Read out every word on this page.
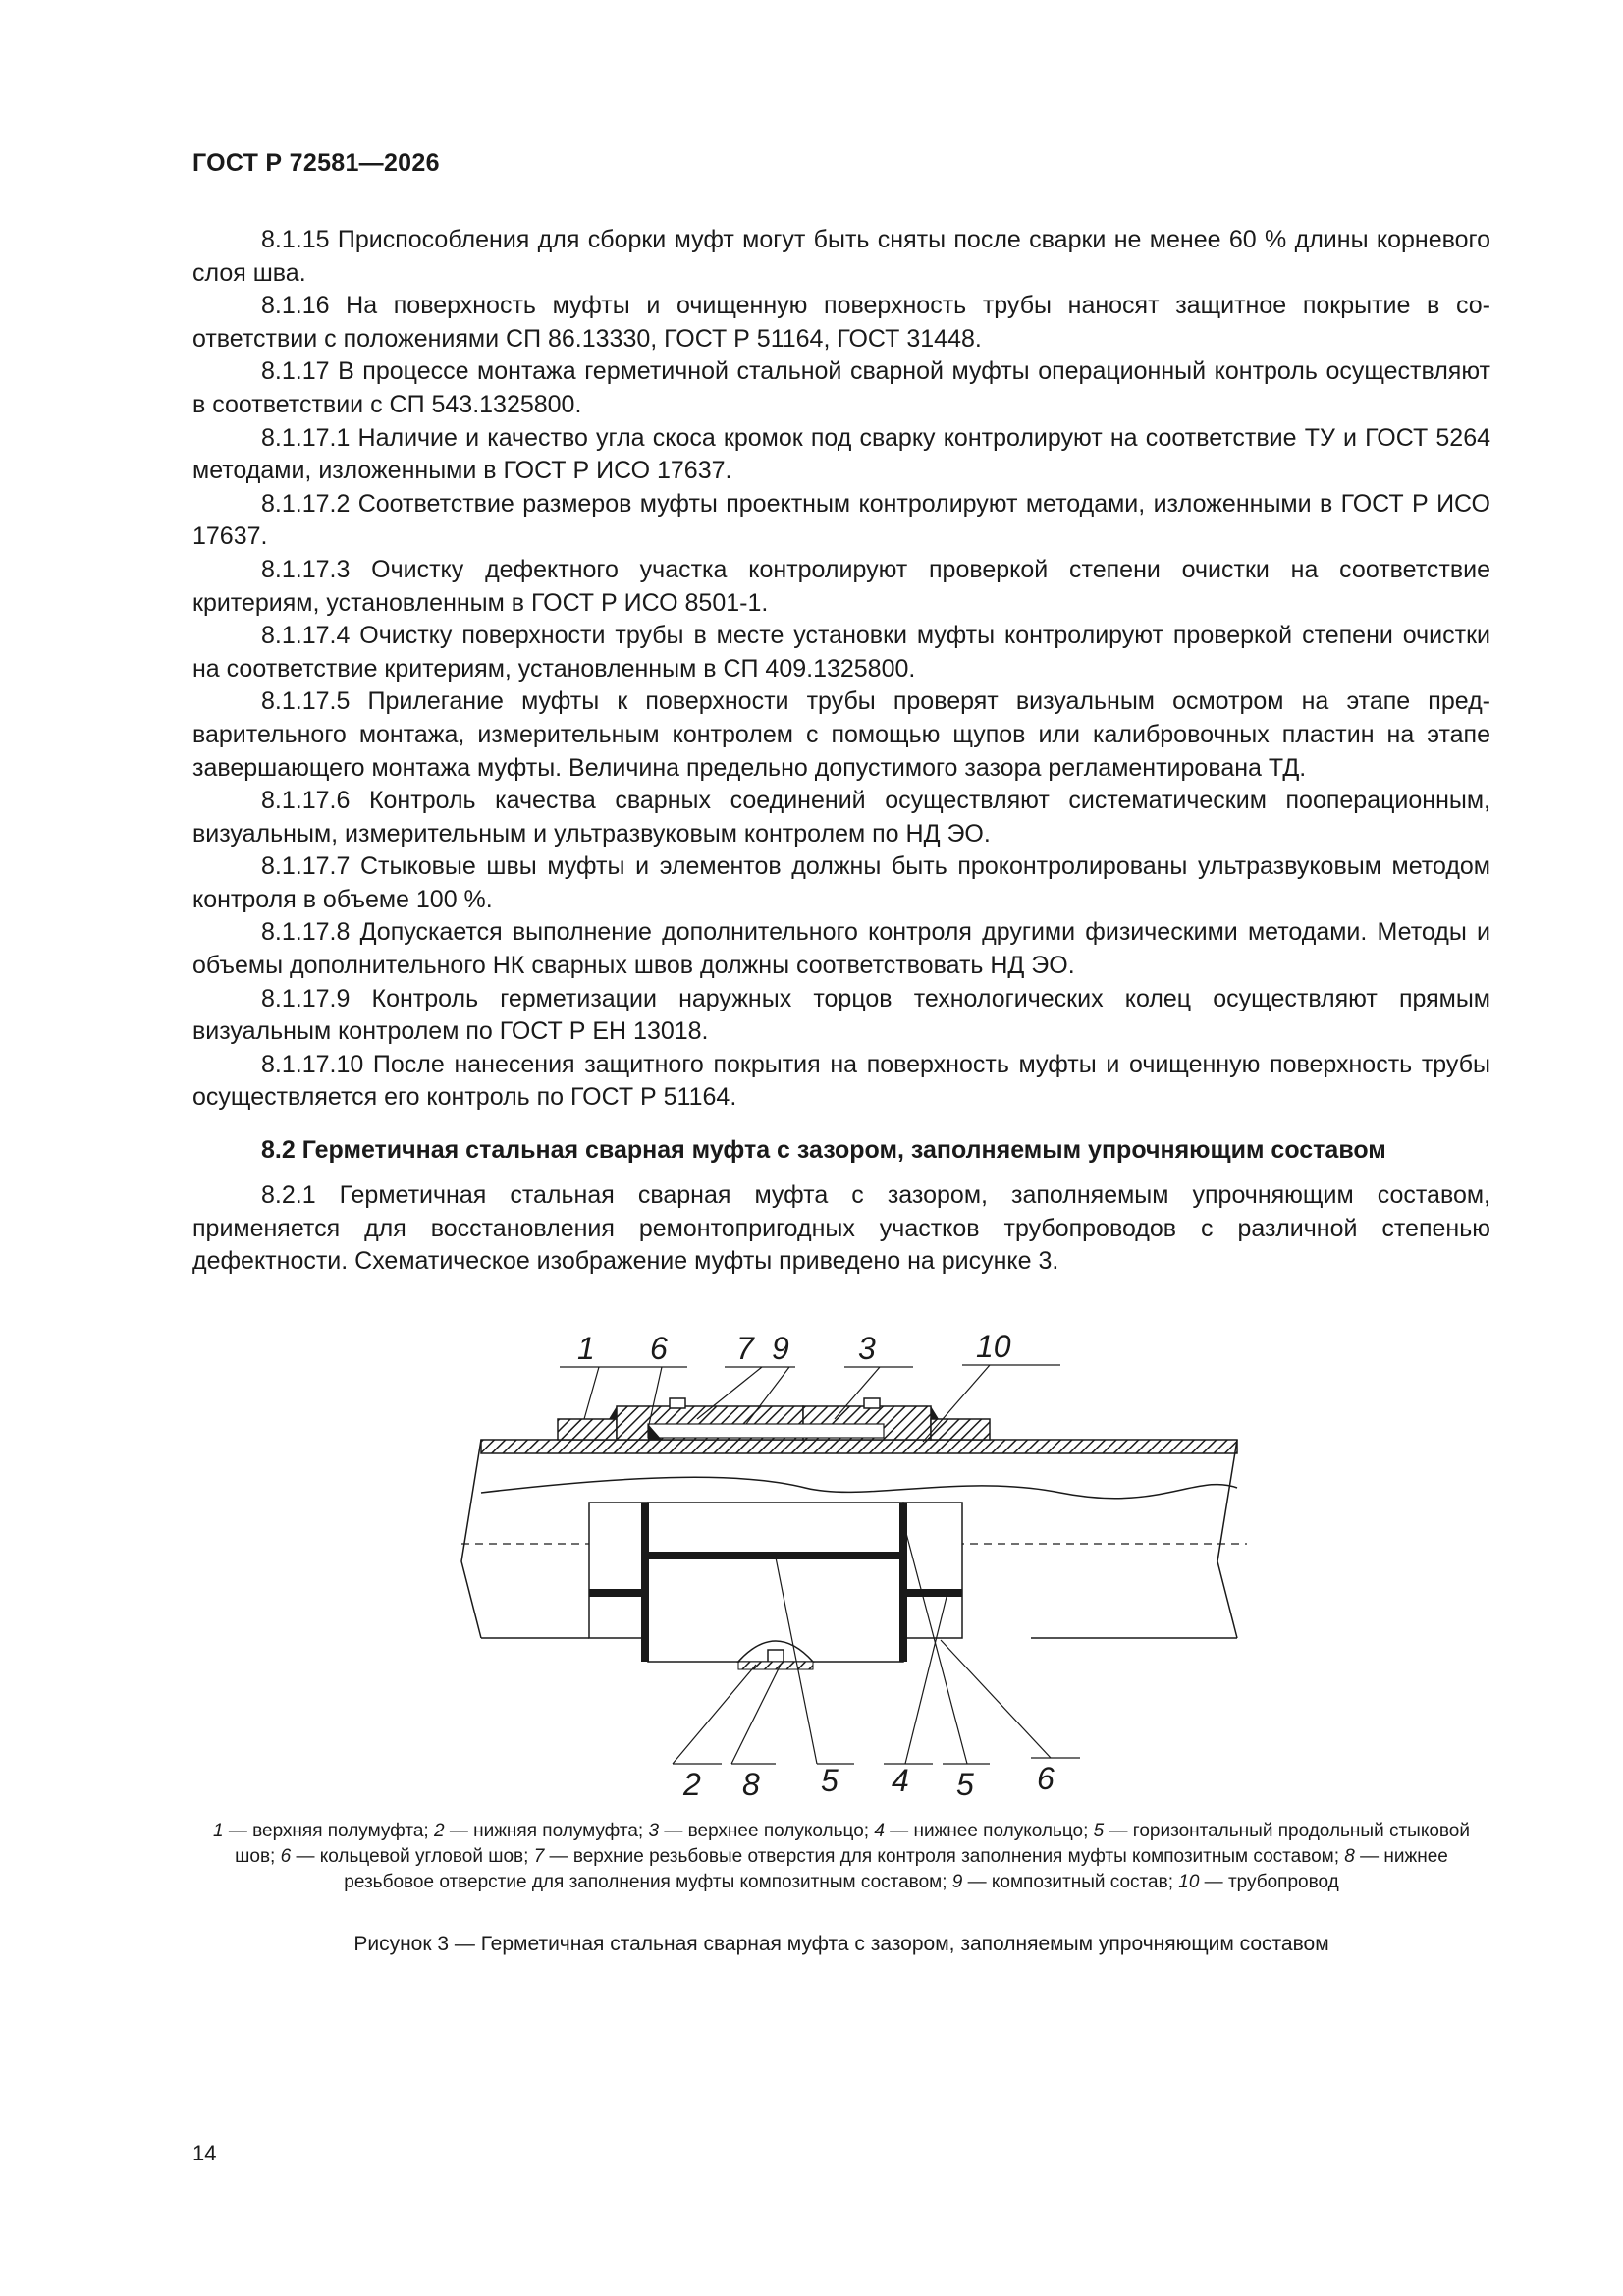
ГОСТ Р 72581—2026

8.1.15 Приспособления для сборки муфт могут быть сняты после сварки не менее 60 % длины корневого слоя шва.

8.1.16 На поверхность муфты и очищенную поверхность трубы наносят защитное покрытие в соответствии с положениями СП 86.13330, ГОСТ Р 51164, ГОСТ 31448.

8.1.17 В процессе монтажа герметичной стальной сварной муфты операционный контроль осуществляют в соответствии с СП 543.1325800.

8.1.17.1 Наличие и качество угла скоса кромок под сварку контролируют на соответствие ТУ и ГОСТ 5264 методами, изложенными в ГОСТ Р ИСО 17637.

8.1.17.2 Соответствие размеров муфты проектным контролируют методами, изложенными в ГОСТ Р ИСО 17637.

8.1.17.3 Очистку дефектного участка контролируют проверкой степени очистки на соответствие критериям, установленным в ГОСТ Р ИСО 8501-1.

8.1.17.4 Очистку поверхности трубы в месте установки муфты контролируют проверкой степени очистки на соответствие критериям, установленным в СП 409.1325800.

8.1.17.5 Прилегание муфты к поверхности трубы проверят визуальным осмотром на этапе предварительного монтажа, измерительным контролем с помощью щупов или калибровочных пластин на этапе завершающего монтажа муфты. Величина предельно допустимого зазора регламентирована ТД.

8.1.17.6 Контроль качества сварных соединений осуществляют систематическим пооперационным, визуальным, измерительным и ультразвуковым контролем по НД ЭО.

8.1.17.7 Стыковые швы муфты и элементов должны быть проконтролированы ультразвуковым методом контроля в объеме 100 %.

8.1.17.8 Допускается выполнение дополнительного контроля другими физическими методами. Методы и объемы дополнительного НК сварных швов должны соответствовать НД ЭО.

8.1.17.9 Контроль герметизации наружных торцов технологических колец осуществляют прямым визуальным контролем по ГОСТ Р ЕН 13018.

8.1.17.10 После нанесения защитного покрытия на поверхность муфты и очищенную поверхность трубы осуществляется его контроль по ГОСТ Р 51164.

8.2 Герметичная стальная сварная муфта с зазором, заполняемым упрочняющим составом

8.2.1 Герметичная стальная сварная муфта с зазором, заполняемым упрочняющим составом, применяется для восстановления ремонтопригодных участков трубопроводов с различной степенью дефектности. Схематическое изображение муфты приведено на рисунке 3.

1 6 7 9 3	10
2 8 5 4 5 6
1 — верхняя полумуфта; 2 — нижняя полумуфта; 3 — верхнее полукольцо; 4 — нижнее полукольцо; 5 — горизонтальный продольный стыковой шов; 6 — кольцевой угловой шов; 7 — верхние резьбовые отверстия для контроля заполнения муфты композитным составом; 8 — нижнее резьбовое отверстие для заполнения муфты композитным составом; 9 — композитный состав; 10 — трубопровод
Рисунок 3 — Герметичная стальная сварная муфта с зазором, заполняемым упрочняющим составом
14
